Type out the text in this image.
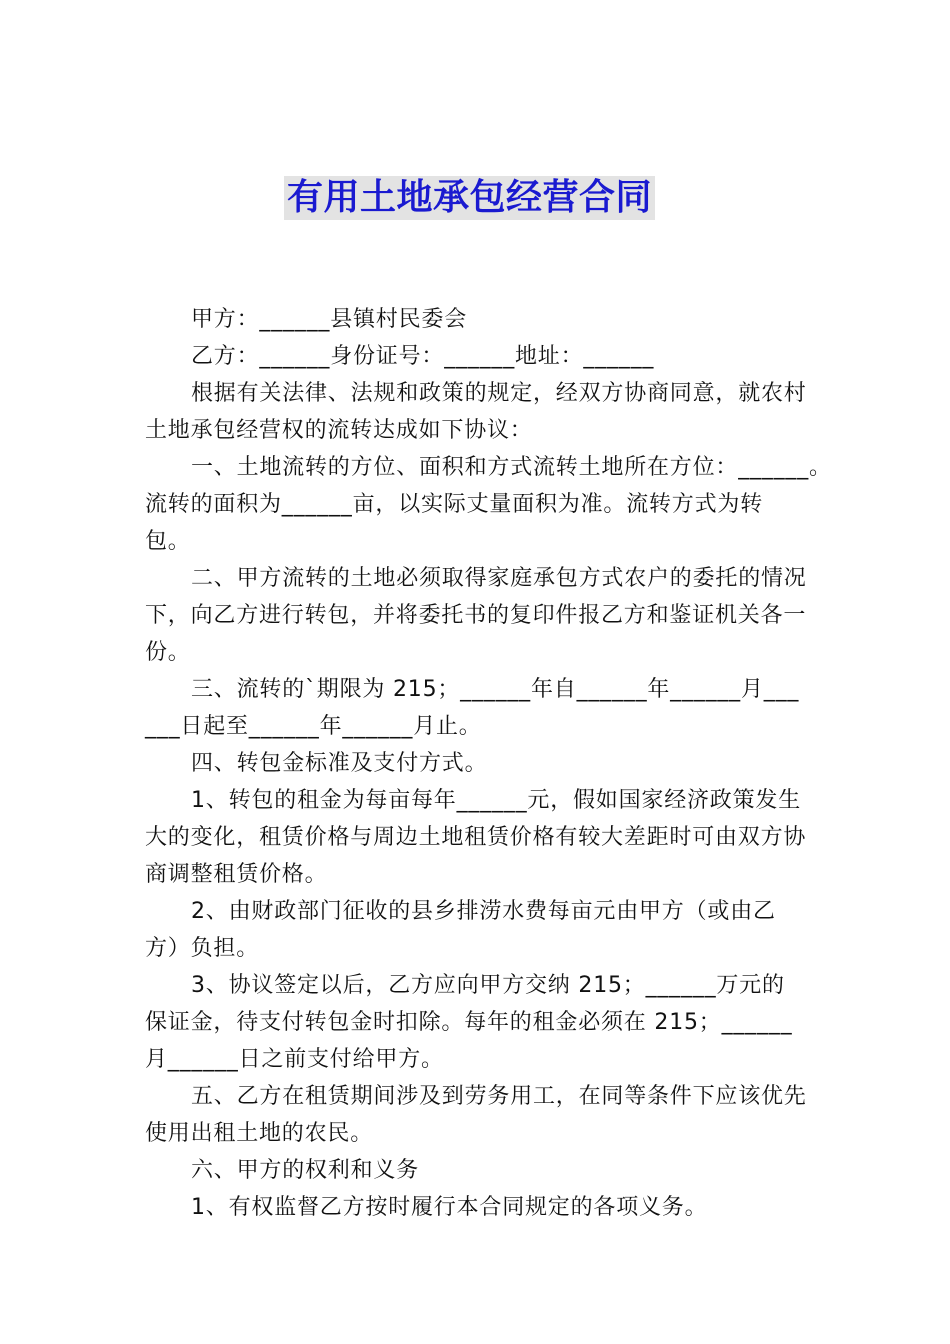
有用土地承包经营合同

甲方：______县镇村民委会

乙方：______身份证号：______地址：______

根据有关法律、法规和政策的规定，经双方协商同意，就农村土地承包经营权的流转达成如下协议：

一、土地流转的方位、面积和方式流转土地所在方位：______。

流转的面积为______亩，以实际丈量面积为准。流转方式为转包。

二、甲方流转的土地必须取得家庭承包方式农户的委托的情况下，向乙方进行转包，并将委托书的复印件报乙方和鉴证机关各一份。

三、流转的`期限为 215；______年自______年______月______日起至______年______月止。

四、转包金标准及支付方式。

1、转包的租金为每亩每年______元，假如国家经济政策发生大的变化，租赁价格与周边土地租赁价格有较大差距时可由双方协商调整租赁价格。

2、由财政部门征收的县乡排涝水费每亩元由甲方（或由乙方）负担。

3、协议签定以后，乙方应向甲方交纳 215；______万元的保证金，待支付转包金时扣除。每年的租金必须在 215；______月______日之前支付给甲方。

五、乙方在租赁期间涉及到劳务用工，在同等条件下应该优先使用出租土地的农民。

六、甲方的权利和义务

1、有权监督乙方按时履行本合同规定的各项义务。
